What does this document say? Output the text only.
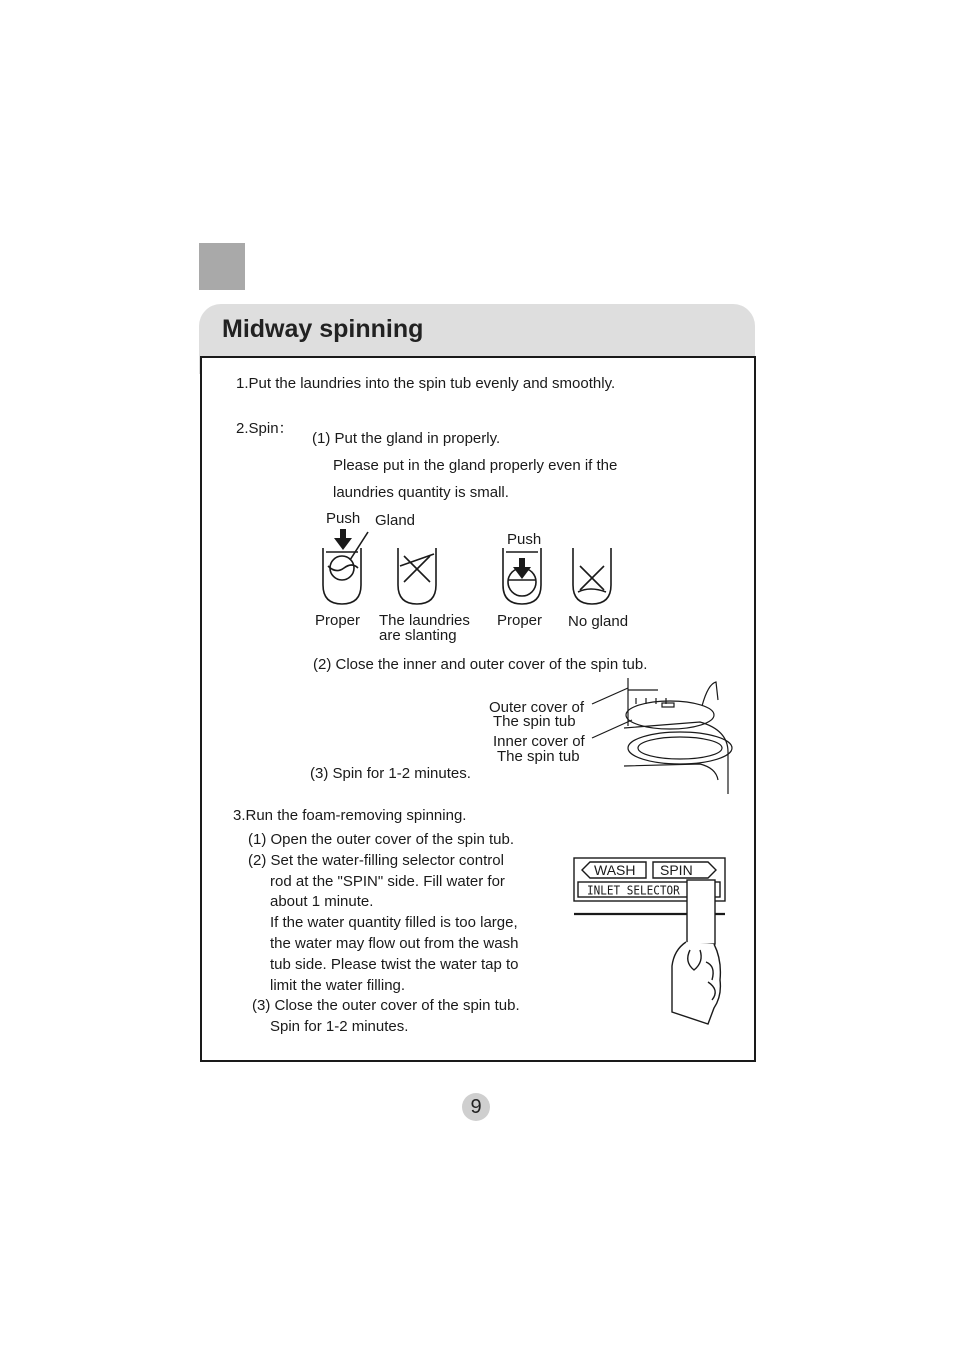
Midway spinning
1.Put the laundries into the spin tub evenly and smoothly.
2.Spin：
(1) Put the gland in properly.
Please put in the gland properly even if the
laundries quantity is small.
Push Gland
Push
Proper The laundries
are slanting
Proper No gland
(2) Close the inner and outer cover of the spin tub.
Outer cover of
The spin tub
Inner cover of
The spin tub
(3) Spin for 1-2 minutes.
3.Run the foam-removing spinning.
(1) Open the outer cover of the spin tub.
(2) Set the water-filling selector control
rod at the "SPIN" side. Fill water for
about 1 minute.
If the water quantity filled is too large,
the water may flow out from the wash
tub side. Please twist the water tap to
limit the water filling.
(3) Close the outer cover of the spin tub.
Spin for 1-2 minutes.
WASH SPIN
INLET SELECTOR
9
